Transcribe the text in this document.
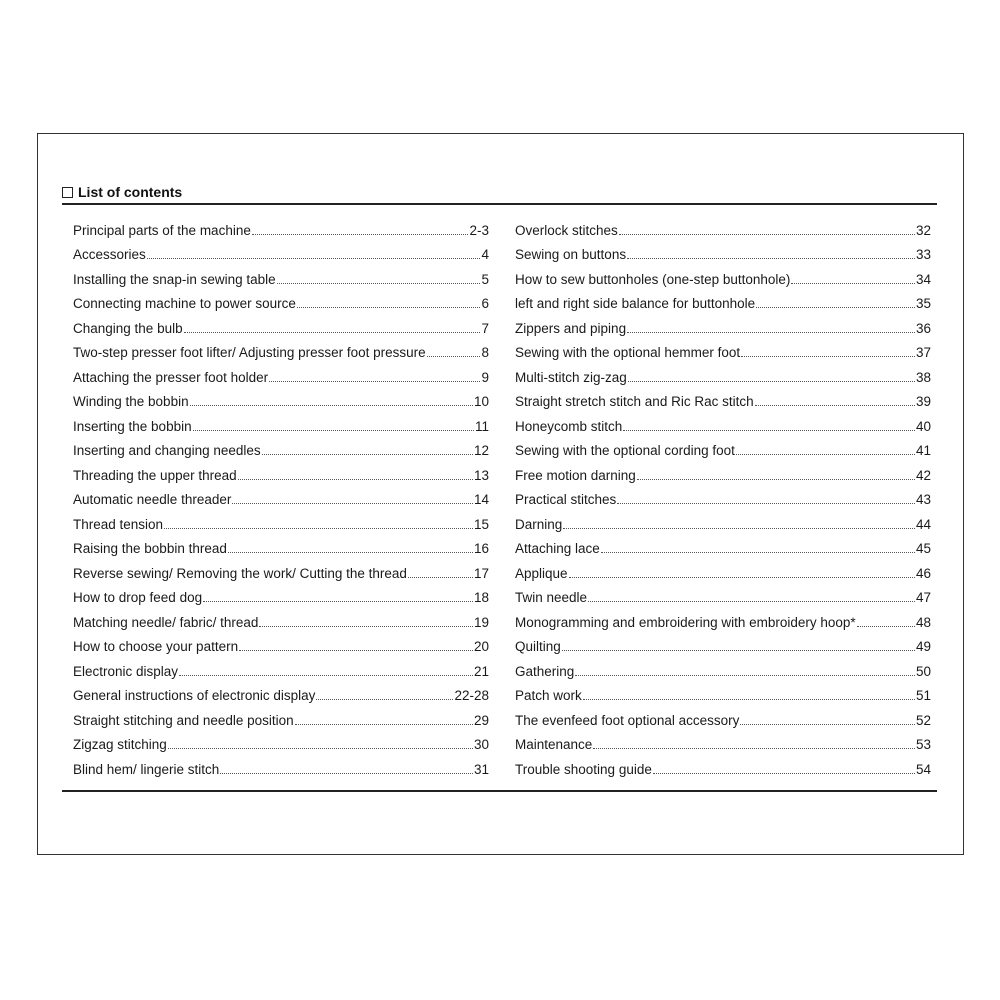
List of contents
Principal parts of the machine	2-3
Accessories	4
Installing the snap-in sewing table	5
Connecting machine to power source	6
Changing the bulb	7
Two-step presser foot lifter/ Adjusting presser foot pressure	8
Attaching the presser foot holder	9
Winding the bobbin	10
Inserting the bobbin	11
Inserting and changing needles	12
Threading the upper thread	13
Automatic needle threader	14
Thread tension	15
Raising the bobbin thread	16
Reverse sewing/ Removing the work/ Cutting the thread	17
How to drop feed dog	18
Matching needle/ fabric/ thread	19
How to choose your pattern	20
Electronic display	21
General instructions of electronic display	22-28
Straight stitching and needle position	29
Zigzag stitching	30
Blind hem/ lingerie stitch	31
Overlock stitches	32
Sewing on buttons	33
How to sew buttonholes (one-step buttonhole)	34
left and right side balance for buttonhole	35
Zippers and piping	36
Sewing with the optional hemmer foot	37
Multi-stitch zig-zag	38
Straight stretch stitch and Ric Rac stitch	39
Honeycomb stitch	40
Sewing with the optional cording foot	41
Free motion darning	42
Practical stitches	43
Darning	44
Attaching lace	45
Applique	46
Twin needle	47
Monogramming and embroidering with embroidery hoop*	48
Quilting	49
Gathering	50
Patch work	51
The evenfeed foot optional accessory	52
Maintenance	53
Trouble shooting guide	54
